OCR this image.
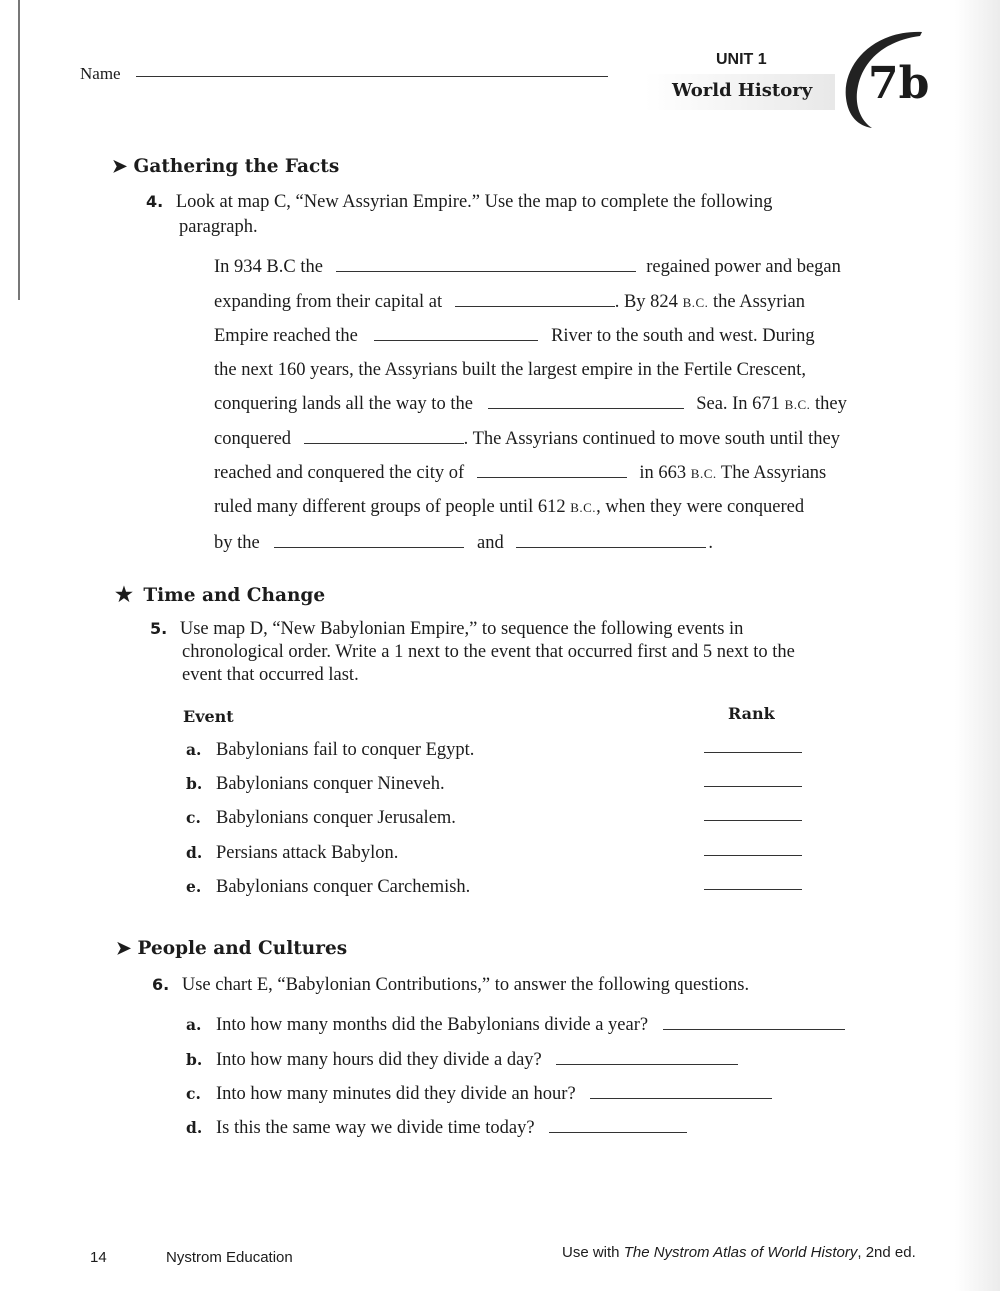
Name
UNIT 1
World History 7b
➤ Gathering the Facts
4. Look at map C, “New Assyrian Empire.” Use the map to complete the following
paragraph.
In 934 B.C the	regained power and began
expanding from their capital at	. By 824 B.C. the Assyrian
Empire reached the	River to the south and west. During
the next 160 years, the Assyrians built the largest empire in the Fertile Crescent,
conquering lands all the way to the	Sea. In 671 B.C. they
conquered	. The Assyrians continued to move south until they
reached and conquered the city of	in 663 B.C. The Assyrians
ruled many different groups of people until 612 B.C., when they were conquered
by the	and	.
★ Time and Change
5. Use map D, “New Babylonian Empire,” to sequence the following events in
chronological order. Write a 1 next to the event that occurred first and 5 next to the
event that occurred last.
Event	Rank
a. Babylonians fail to conquer Egypt.
b. Babylonians conquer Nineveh.
c. Babylonians conquer Jerusalem.
d. Persians attack Babylon.
e. Babylonians conquer Carchemish.
➤ People and Cultures
6. Use chart E, “Babylonian Contributions,” to answer the following questions.
a. Into how many months did the Babylonians divide a year?
b. Into how many hours did they divide a day?
c. Into how many minutes did they divide an hour?
d. Is this the same way we divide time today?
14	Nystrom Education	Use with The Nystrom Atlas of World History, 2nd ed.
